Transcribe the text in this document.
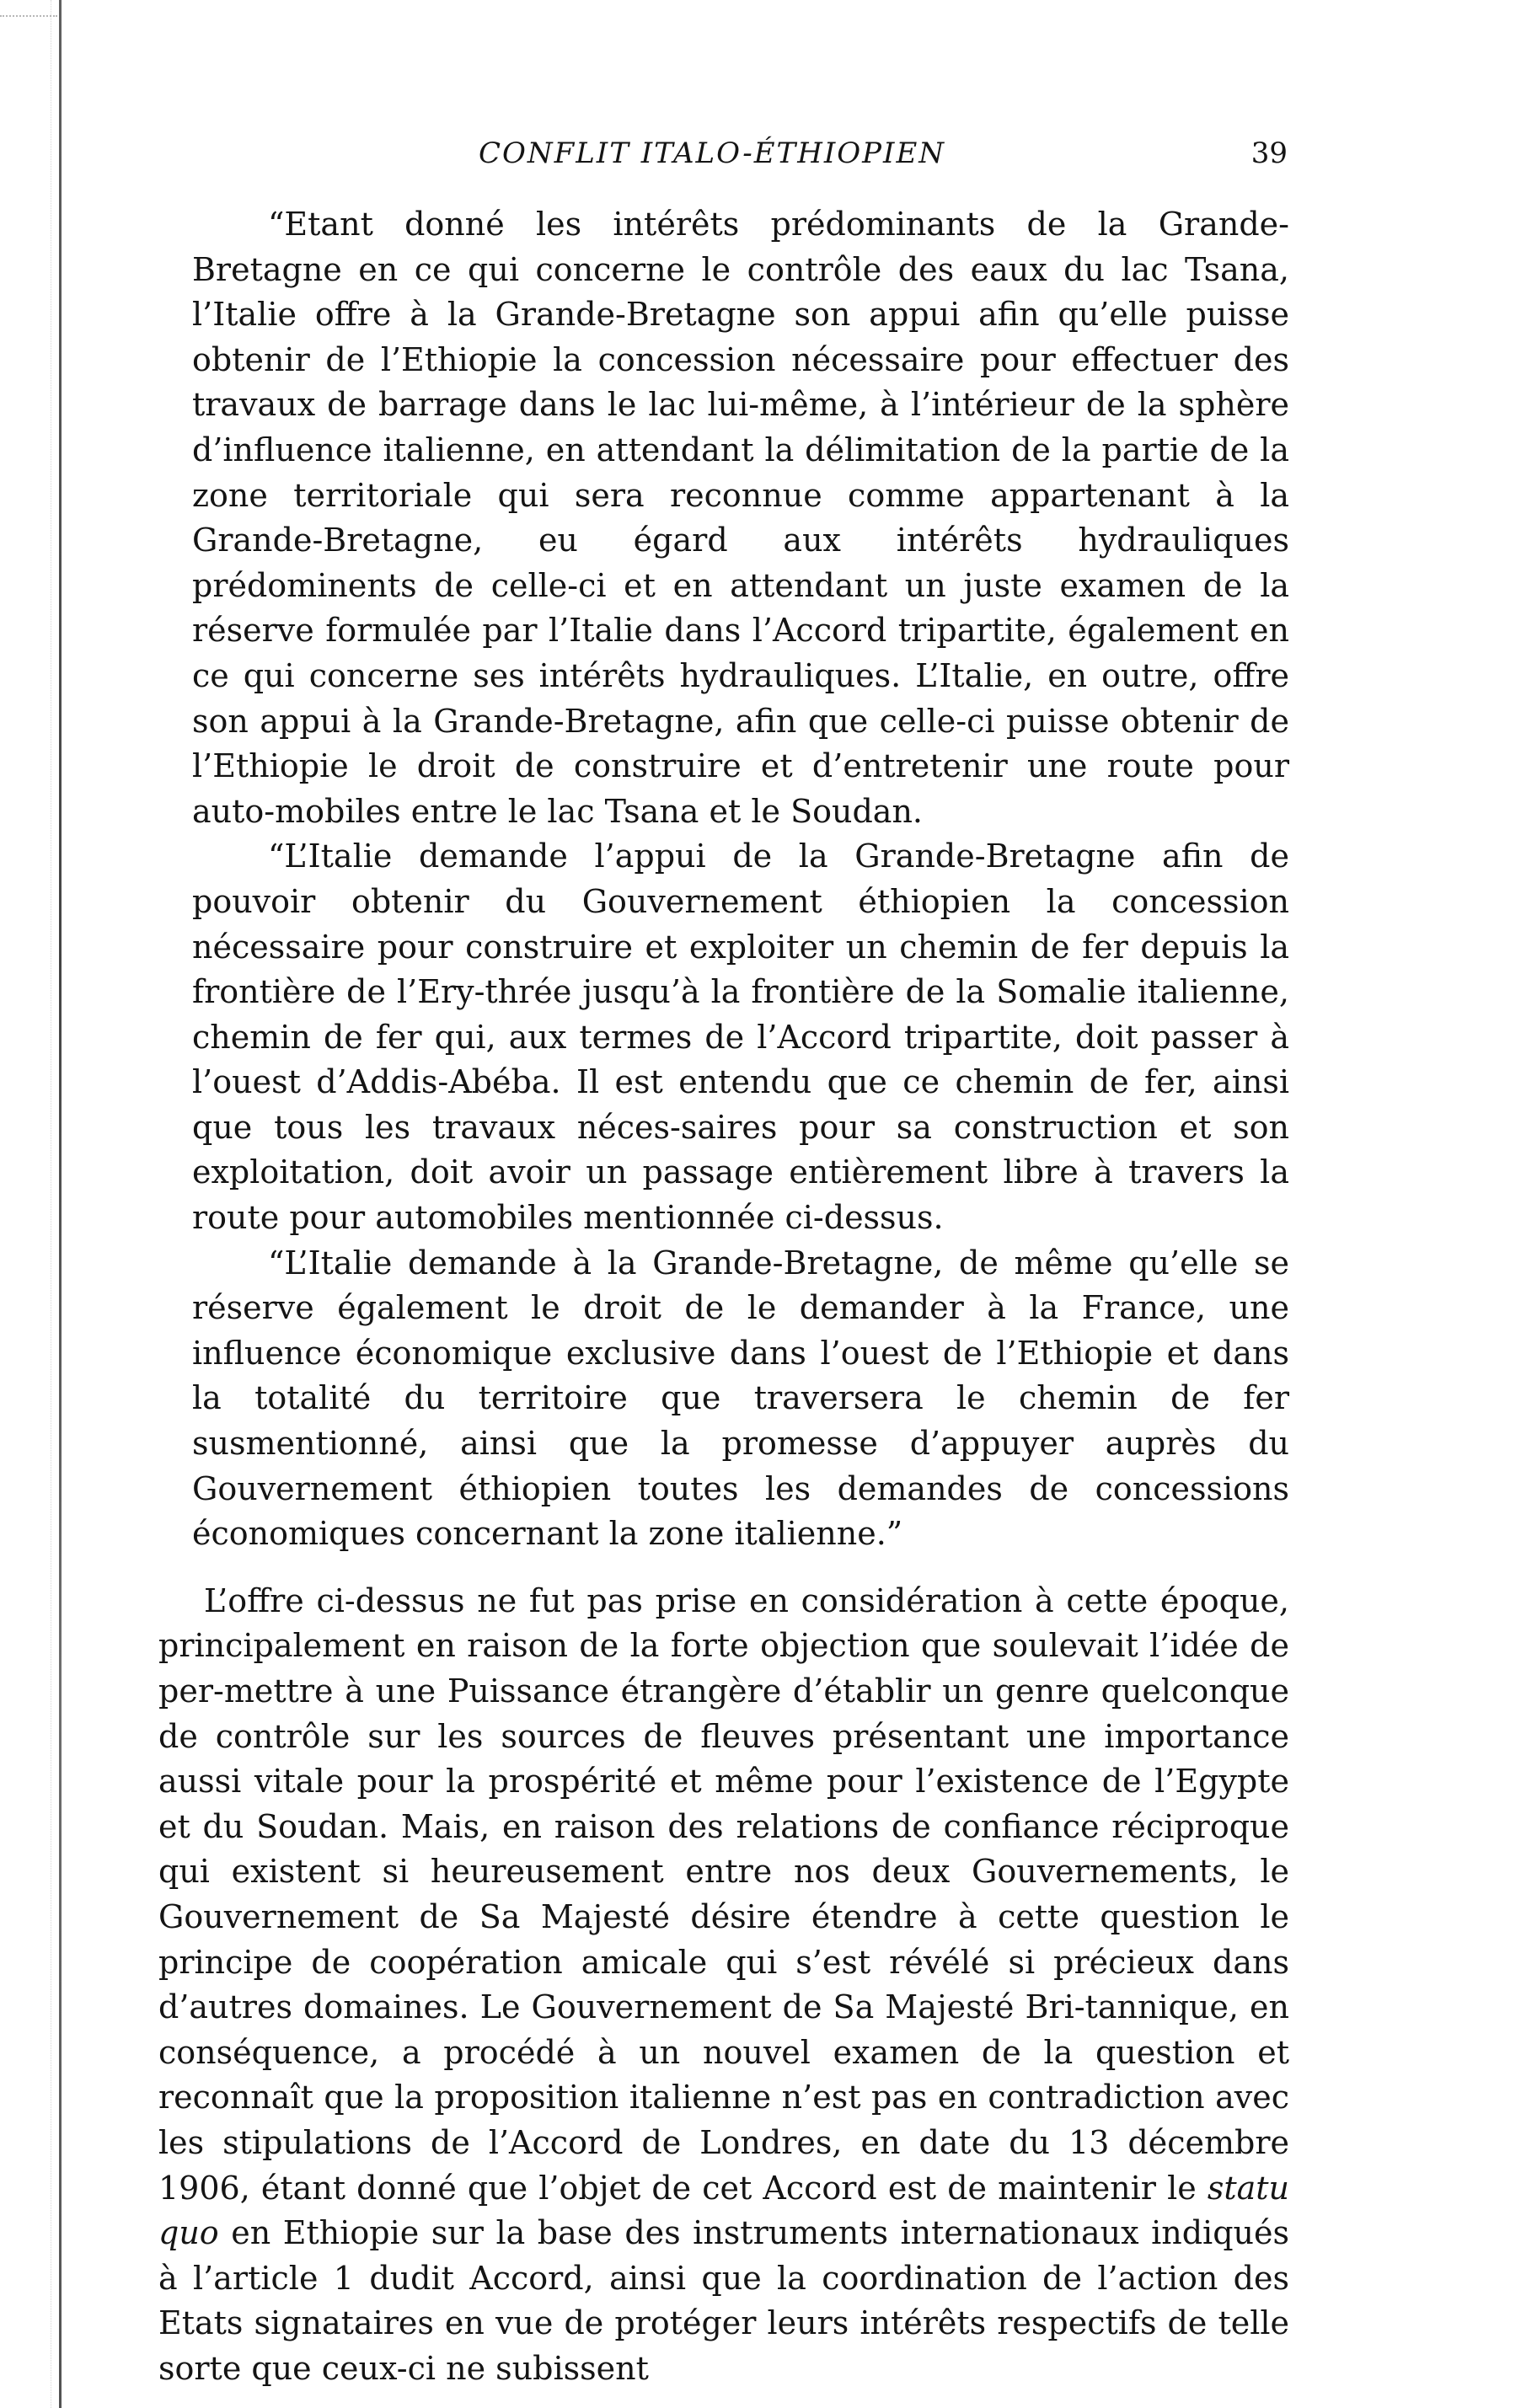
CONFLIT ITALO-ÉTHIOPIEN	39

“Etant donné les intérêts prédominants de la Grande-Bretagne en ce qui concerne le contrôle des eaux du lac Tsana, l’Italie offre à la Grande-Bretagne son appui afin qu’elle puisse obtenir de l’Ethiopie la concession nécessaire pour effectuer des travaux de barrage dans le lac lui-même, à l’intérieur de la sphère d’influence italienne, en attendant la délimitation de la partie de la zone territoriale qui sera reconnue comme appartenant à la Grande-Bretagne, eu égard aux intérêts hydrauliques prédominents de celle-ci et en attendant un juste examen de la réserve formulée par l’Italie dans l’Accord tripartite, également en ce qui concerne ses intérêts hydrauliques. L’Italie, en outre, offre son appui à la Grande-Bretagne, afin que celle-ci puisse obtenir de l’Ethiopie le droit de construire et d’entretenir une route pour auto-mobiles entre le lac Tsana et le Soudan.

“L’Italie demande l’appui de la Grande-Bretagne afin de pouvoir obtenir du Gouvernement éthiopien la concession nécessaire pour construire et exploiter un chemin de fer depuis la frontière de l’Ery-thrée jusqu’à la frontière de la Somalie italienne, chemin de fer qui, aux termes de l’Accord tripartite, doit passer à l’ouest d’Addis-Abéba. Il est entendu que ce chemin de fer, ainsi que tous les travaux néces-saires pour sa construction et son exploitation, doit avoir un passage entièrement libre à travers la route pour automobiles mentionnée ci-dessus.

“L’Italie demande à la Grande-Bretagne, de même qu’elle se réserve également le droit de le demander à la France, une influence économique exclusive dans l’ouest de l’Ethiopie et dans la totalité du territoire que traversera le chemin de fer susmentionné, ainsi que la promesse d’appuyer auprès du Gouvernement éthiopien toutes les demandes de concessions économiques concernant la zone italienne.”

L’offre ci-dessus ne fut pas prise en considération à cette époque, principalement en raison de la forte objection que soulevait l’idée de per-mettre à une Puissance étrangère d’établir un genre quelconque de contrôle sur les sources de fleuves présentant une importance aussi vitale pour la prospérité et même pour l’existence de l’Egypte et du Soudan. Mais, en raison des relations de confiance réciproque qui existent si heureusement entre nos deux Gouvernements, le Gouvernement de Sa Majesté désire étendre à cette question le principe de coopération amicale qui s’est révélé si précieux dans d’autres domaines. Le Gouvernement de Sa Majesté Bri-tannique, en conséquence, a procédé à un nouvel examen de la question et reconnaît que la proposition italienne n’est pas en contradiction avec les stipulations de l’Accord de Londres, en date du 13 décembre 1906, étant donné que l’objet de cet Accord est de maintenir le statu quo en Ethiopie sur la base des instruments internationaux indiqués à l’article 1 dudit Accord, ainsi que la coordination de l’action des Etats signataires en vue de protéger leurs intérêts respectifs de telle sorte que ceux-ci ne subissent
